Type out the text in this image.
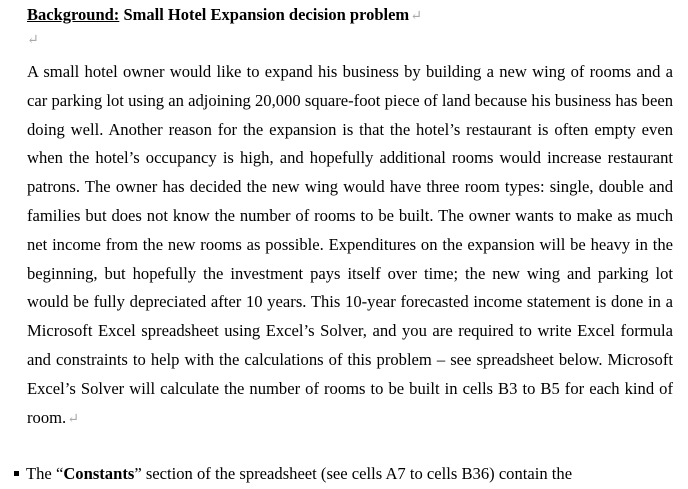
Background: Small Hotel Expansion decision problem↵
↵

A small hotel owner would like to expand his business by building a new wing of rooms and a car parking lot using an adjoining 20,000 square-foot piece of land because his business has been doing well. Another reason for the expansion is that the hotel’s restaurant is often empty even when the hotel’s occupancy is high, and hopefully additional rooms would increase restaurant patrons. The owner has decided the new wing would have three room types: single, double and families but does not know the number of rooms to be built. The owner wants to make as much net income from the new rooms as possible. Expenditures on the expansion will be heavy in the beginning, but hopefully the investment pays itself over time; the new wing and parking lot would be fully depreciated after 10 years. This 10-year forecasted income statement is done in a Microsoft Excel spreadsheet using Excel’s Solver, and you are required to write Excel formula and constraints to help with the calculations of this problem – see spreadsheet below. Microsoft Excel’s Solver will calculate the number of rooms to be built in cells B3 to B5 for each kind of room.↵

The “Constants” section of the spreadsheet (see cells A7 to cells B36) contain the
